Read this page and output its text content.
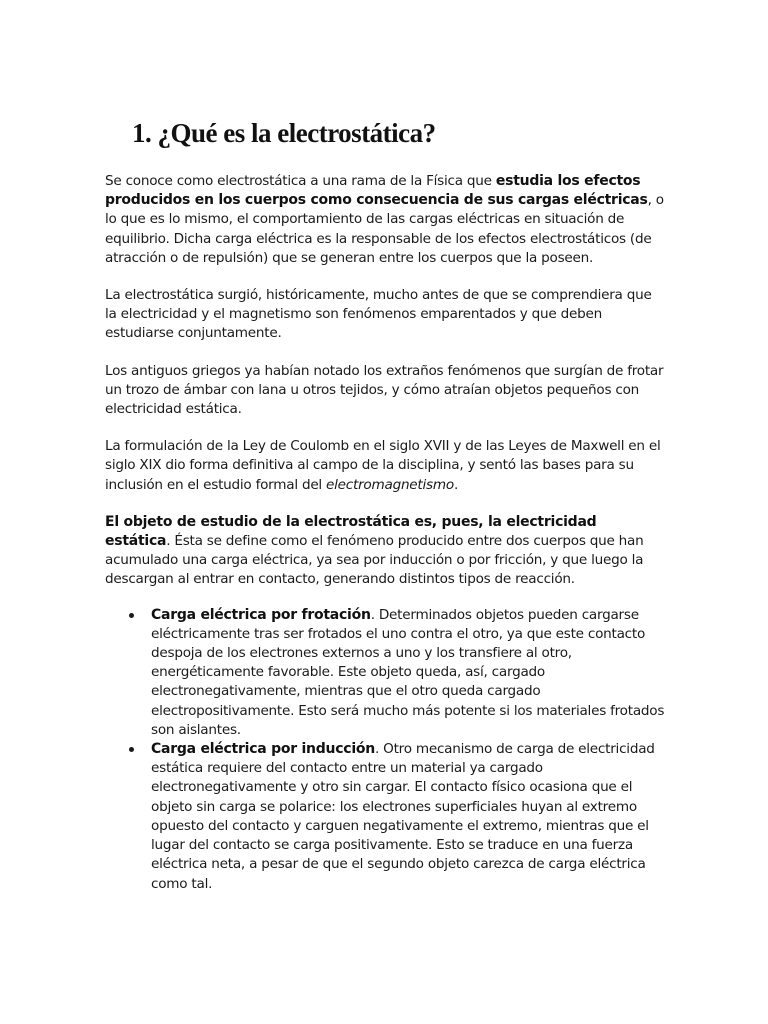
1. ¿Qué es la electrostática?

Se conoce como electrostática a una rama de la Física que estudia los efectos producidos en los cuerpos como consecuencia de sus cargas eléctricas, o lo que es lo mismo, el comportamiento de las cargas eléctricas en situación de equilibrio. Dicha carga eléctrica es la responsable de los efectos electrostáticos (de atracción o de repulsión) que se generan entre los cuerpos que la poseen.

La electrostática surgió, históricamente, mucho antes de que se comprendiera que la electricidad y el magnetismo son fenómenos emparentados y que deben estudiarse conjuntamente.

Los antiguos griegos ya habían notado los extraños fenómenos que surgían de frotar un trozo de ámbar con lana u otros tejidos, y cómo atraían objetos pequeños con electricidad estática.

La formulación de la Ley de Coulomb en el siglo XVII y de las Leyes de Maxwell en el siglo XIX dio forma definitiva al campo de la disciplina, y sentó las bases para su inclusión en el estudio formal del electromagnetismo.

El objeto de estudio de la electrostática es, pues, la electricidad estática. Ésta se define como el fenómeno producido entre dos cuerpos que han acumulado una carga eléctrica, ya sea por inducción o por fricción, y que luego la descargan al entrar en contacto, generando distintos tipos de reacción.

Carga eléctrica por frotación. Determinados objetos pueden cargarse eléctricamente tras ser frotados el uno contra el otro, ya que este contacto despoja de los electrones externos a uno y los transfiere al otro, energéticamente favorable. Este objeto queda, así, cargado electronegativamente, mientras que el otro queda cargado electropositivamente. Esto será mucho más potente si los materiales frotados son aislantes.
Carga eléctrica por inducción. Otro mecanismo de carga de electricidad estática requiere del contacto entre un material ya cargado electronegativamente y otro sin cargar. El contacto físico ocasiona que el objeto sin carga se polarice: los electrones superficiales huyan al extremo opuesto del contacto y carguen negativamente el extremo, mientras que el lugar del contacto se carga positivamente. Esto se traduce en una fuerza eléctrica neta, a pesar de que el segundo objeto carezca de carga eléctrica como tal.
